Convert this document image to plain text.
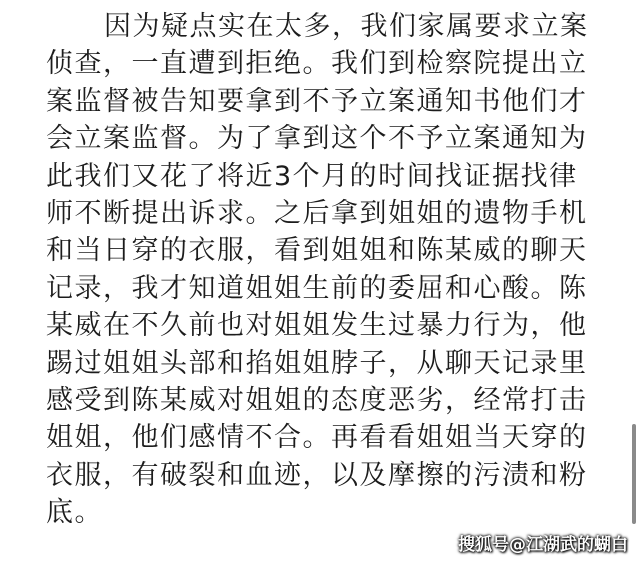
因为疑点实在太多，我们家属要求立案
侦查，一直遭到拒绝。我们到检察院提出立
案监督被告知要拿到不予立案通知书他们才
会立案监督。为了拿到这个不予立案通知为
此我们又花了将近3个月的时间找证据找律
师不断提出诉求。之后拿到姐姐的遗物手机
和当日穿的衣服，看到姐姐和陈某威的聊天
记录，我才知道姐姐生前的委屈和心酸。陈
某威在不久前也对姐姐发生过暴力行为，他
踢过姐姐头部和掐姐姐脖子，从聊天记录里
感受到陈某威对姐姐的态度恶劣，经常打击
姐姐，他们感情不合。再看看姐姐当天穿的
衣服，有破裂和血迹，以及摩擦的污渍和粉
底。
搜狐号@江湖武的蝴白
